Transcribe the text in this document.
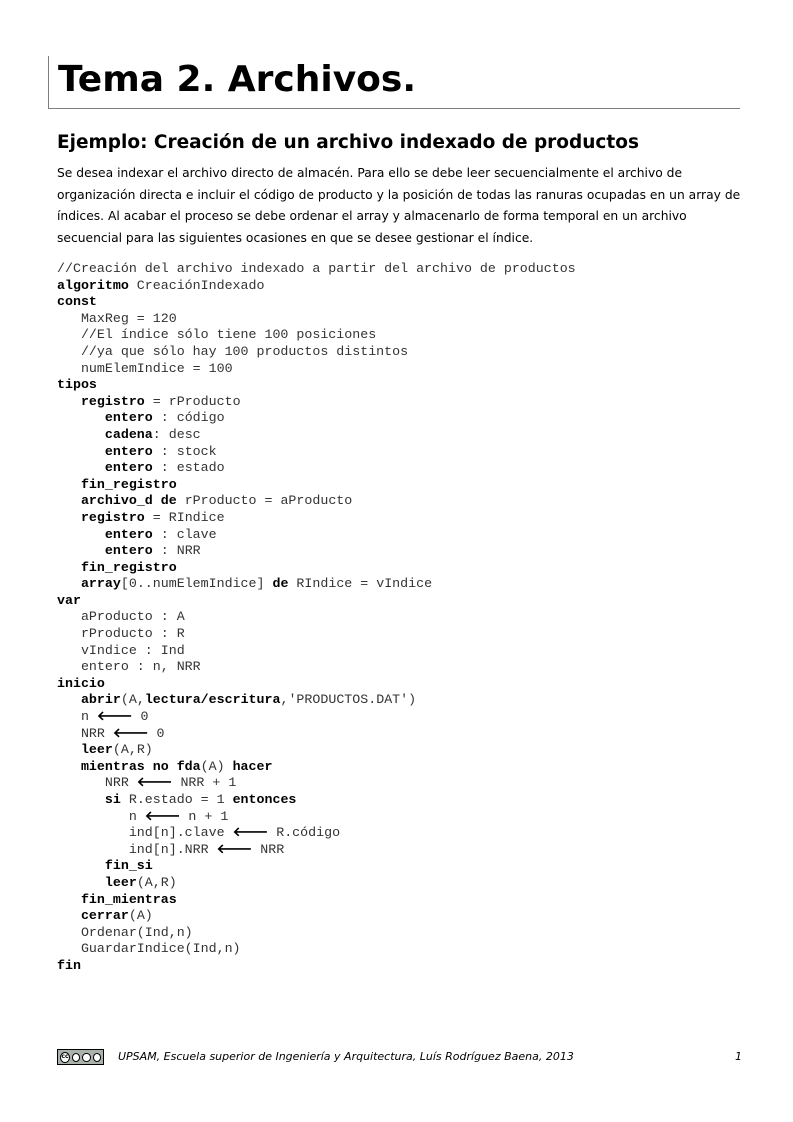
Tema 2. Archivos.
Ejemplo: Creación de un archivo indexado de productos

Se desea indexar el archivo directo de almacén. Para ello se debe leer secuencialmente el archivo de organización directa e incluir el código de producto y la posición de todas las ranuras ocupadas en un array de índices. Al acabar el proceso se debe ordenar el array y almacenarlo de forma temporal en un archivo secuencial para las siguientes ocasiones en que se desee gestionar el índice.

//Creación del archivo indexado a partir del archivo de productos
algoritmo CreaciónIndexado
const
MaxReg = 120
//El índice sólo tiene 100 posiciones
//ya que sólo hay 100 productos distintos
numElemIndice = 100
tipos
registro = rProducto
entero : código
cadena: desc
entero : stock
entero : estado
fin_registro
archivo_d de rProducto = aProducto
registro = RIndice
entero : clave
entero : NRR
fin_registro
array[0..numElemIndice] de RIndice = vIndice
var
aProducto : A
rProducto : R
vIndice : Ind
entero : n, NRR
inicio
abrir(A,lectura/escritura,'PRODUCTOS.DAT')
n 🡐 0
NRR 🡐 0
leer(A,R)
mientras no fda(A) hacer
NRR 🡐 NRR + 1
si R.estado = 1 entonces
n 🡐 n + 1
ind[n].clave 🡐 R.código
ind[n].NRR 🡐 NRR
fin_si
leer(A,R)
fin_mientras
cerrar(A)
Ordenar(Ind,n)
GuardarIndice(Ind,n)
fin
cc	UPSAM, Escuela superior de Ingeniería y Arquitectura, Luís Rodríguez Baena, 2013	1
